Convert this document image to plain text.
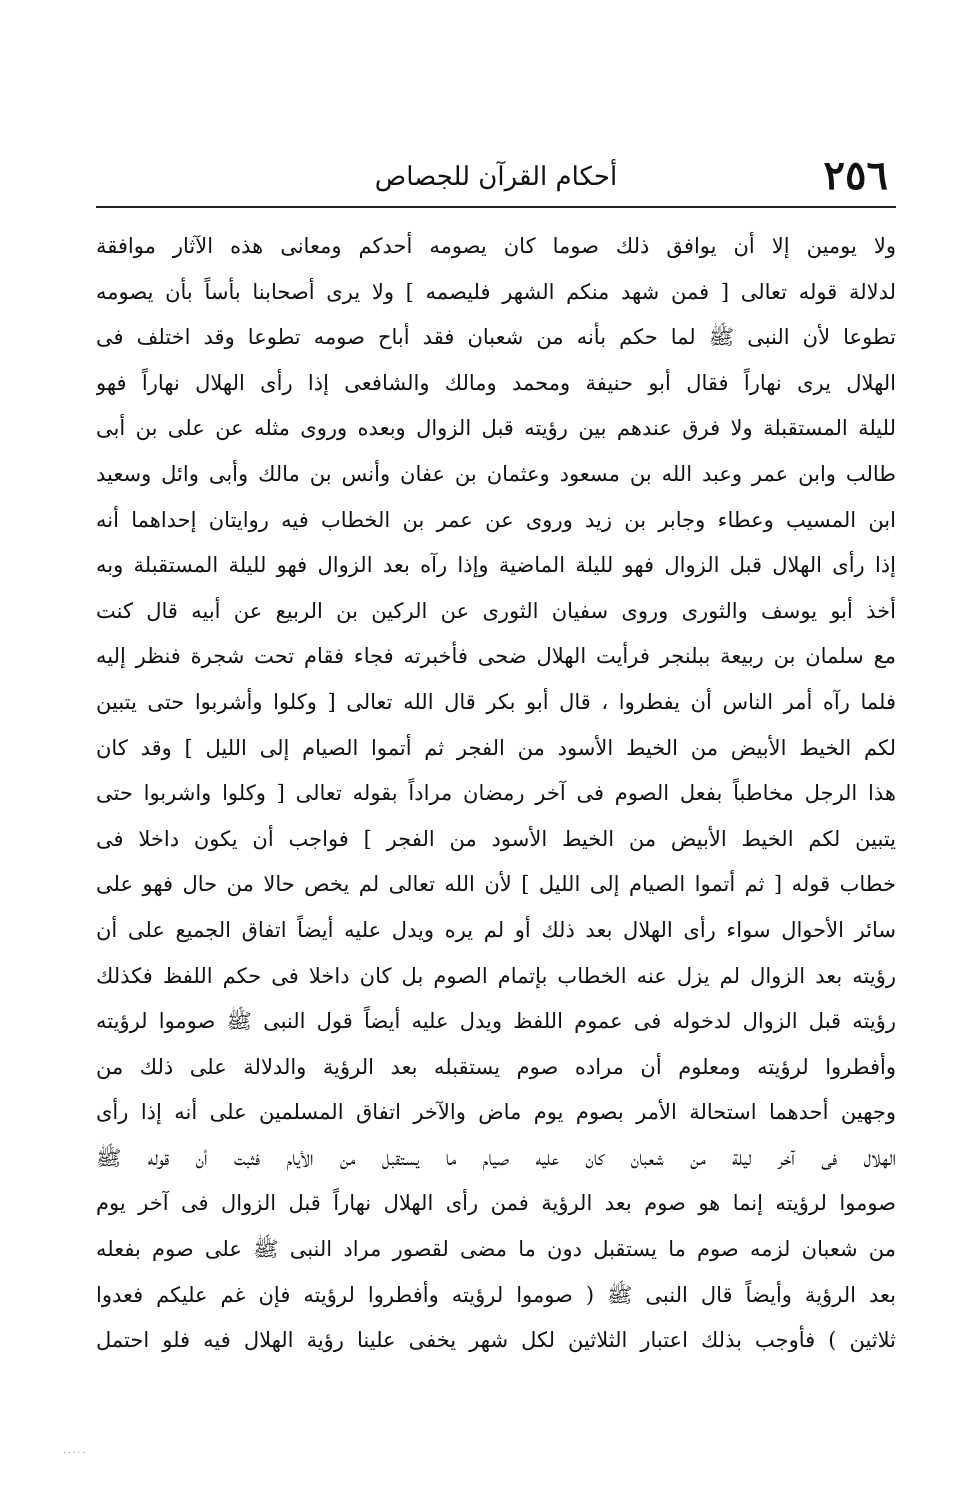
٢٥٦
أحكام القرآن للجصاص
ولا يومين إلا أن يوافق ذلك صوما كان يصومه أحدكم ومعانى هذه الآثار موافقة
لدلالة قوله تعالى [ فمن شهد منكم الشهر فليصمه ] ولا يرى أصحابنا بأساً بأن يصومه
تطوعا لأن النبى ﷺ لما حكم بأنه من شعبان فقد أباح صومه تطوعا وقد اختلف فى
الهلال يرى نهاراً فقال أبو حنيفة ومحمد ومالك والشافعى إذا رأى الهلال نهاراً فهو
لليلة المستقبلة ولا فرق عندهم بين رؤيته قبل الزوال وبعده وروى مثله عن على بن أبى
طالب وابن عمر وعبد الله بن مسعود وعثمان بن عفان وأنس بن مالك وأبى وائل وسعيد
ابن المسيب وعطاء وجابر بن زيد وروى عن عمر بن الخطاب فيه روايتان إحداهما أنه
إذا رأى الهلال قبل الزوال فهو لليلة الماضية وإذا رآه بعد الزوال فهو لليلة المستقبلة وبه
أخذ أبو يوسف والثورى وروى سفيان الثورى عن الركين بن الربيع عن أبيه قال كنت
مع سلمان بن ربيعة ببلنجر فرأيت الهلال ضحى فأخبرته فجاء فقام تحت شجرة فنظر إليه
فلما رآه أمر الناس أن يفطروا ، قال أبو بكر قال الله تعالى [ وكلوا وأشربوا حتى يتبين
لكم الخيط الأبيض من الخيط الأسود من الفجر ثم أتموا الصيام إلى الليل ] وقد كان
هذا الرجل مخاطباً بفعل الصوم فى آخر رمضان مراداً بقوله تعالى [ وكلوا واشربوا حتى
يتبين لكم الخيط الأبيض من الخيط الأسود من الفجر ] فواجب أن يكون داخلا فى
خطاب قوله [ ثم أتموا الصيام إلى الليل ] لأن الله تعالى لم يخص حالا من حال فهو على
سائر الأحوال سواء رأى الهلال بعد ذلك أو لم يره ويدل عليه أيضاً اتفاق الجميع على أن
رؤيته بعد الزوال لم يزل عنه الخطاب بإتمام الصوم بل كان داخلا فى حكم اللفظ فكذلك
رؤيته قبل الزوال لدخوله فى عموم اللفظ ويدل عليه أيضاً قول النبى ﷺ صوموا لرؤيته
وأفطروا لرؤيته ومعلوم أن مراده صوم يستقبله بعد الرؤية والدلالة على ذلك من
وجهين أحدهما استحالة الأمر بصوم يوم ماض والآخر اتفاق المسلمين على أنه إذا رأى
الهلال فى آخر ليلة من شعبان كان عليه صيام ما يستقبل من الأيام فثبت أن قوله ﷺ
صوموا لرؤيته إنما هو صوم بعد الرؤية فمن رأى الهلال نهاراً قبل الزوال فى آخر يوم
من شعبان لزمه صوم ما يستقبل دون ما مضى لقصور مراد النبى ﷺ على صوم بفعله
بعد الرؤية وأيضاً قال النبى ﷺ ( صوموا لرؤيته وأفطروا لرؤيته فإن غم عليكم فعدوا
ثلاثين ) فأوجب بذلك اعتبار الثلاثين لكل شهر يخفى علينا رؤية الهلال فيه فلو احتمل
٠٠٠٠٠
